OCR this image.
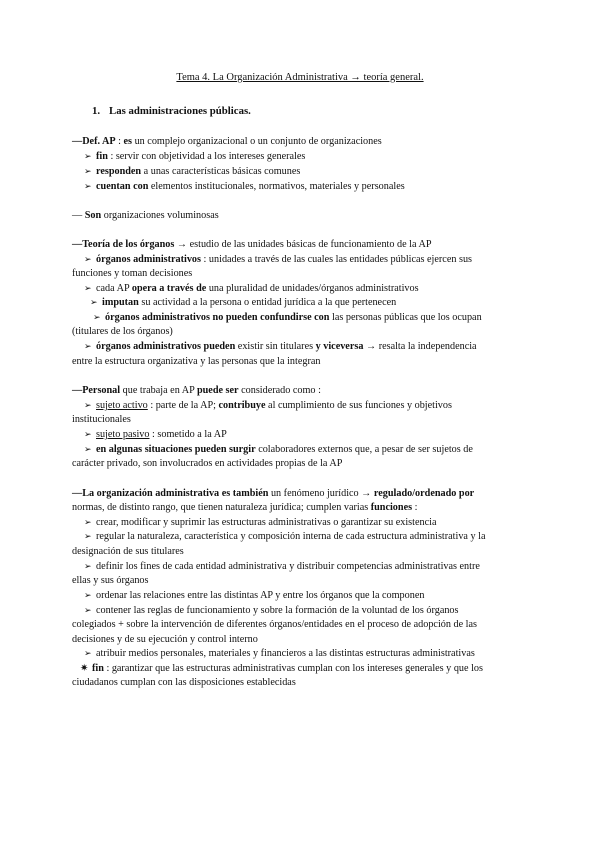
Tema 4. La Organización Administrativa → teoría general.
1. Las administraciones públicas.
—Def. AP : es un complejo organizacional o un conjunto de organizaciones
➢ fin : servir con objetividad a los intereses generales
➢ responden a unas características básicas comunes
➢ cuentan con elementos institucionales, normativos, materiales y personales
— Son organizaciones voluminosas
—Teoría de los órganos → estudio de las unidades básicas de funcionamiento de la AP
➢ órganos administrativos : unidades a través de las cuales las entidades públicas ejercen sus
funciones y toman decisiones
➢ cada AP opera a través de una pluralidad de unidades/órganos administrativos
➢ imputan su actividad a la persona o entidad jurídica a la que pertenecen
➢ órganos administrativos no pueden confundirse con las personas públicas que los ocupan
(titulares de los órganos)
➢ órganos administrativos pueden existir sin titulares y viceversa → resalta la independencia
entre la estructura organizativa y las personas que la integran
—Personal que trabaja en AP puede ser considerado como :
➢ sujeto activo : parte de la AP; contribuye al cumplimiento de sus funciones y objetivos
institucionales
➢ sujeto pasivo : sometido a la AP
➢ en algunas situaciones pueden surgir colaboradores externos que, a pesar de ser sujetos de
carácter privado, son involucrados en actividades propias de la AP
—La organización administrativa es también un fenómeno jurídico → regulado/ordenado por
normas, de distinto rango, que tienen naturaleza jurídica; cumplen varias funciones :
➢ crear, modificar y suprimir las estructuras administrativas o garantizar su existencia
➢ regular la naturaleza, característica y composición interna de cada estructura administrativa y la
designación de sus titulares
➢ definir los fines de cada entidad administrativa y distribuir competencias administrativas entre
ellas y sus órganos
➢ ordenar las relaciones entre las distintas AP y entre los órganos que la componen
➢ contener las reglas de funcionamiento y sobre la formación de la voluntad de los órganos
colegiados + sobre la intervención de diferentes órganos/entidades en el proceso de adopción de las
decisiones y de su ejecución y control interno
➢ atribuir medios personales, materiales y financieros a las distintas estructuras administrativas
✷ fin : garantizar que las estructuras administrativas cumplan con los intereses generales y que los
ciudadanos cumplan con las disposiciones establecidas
